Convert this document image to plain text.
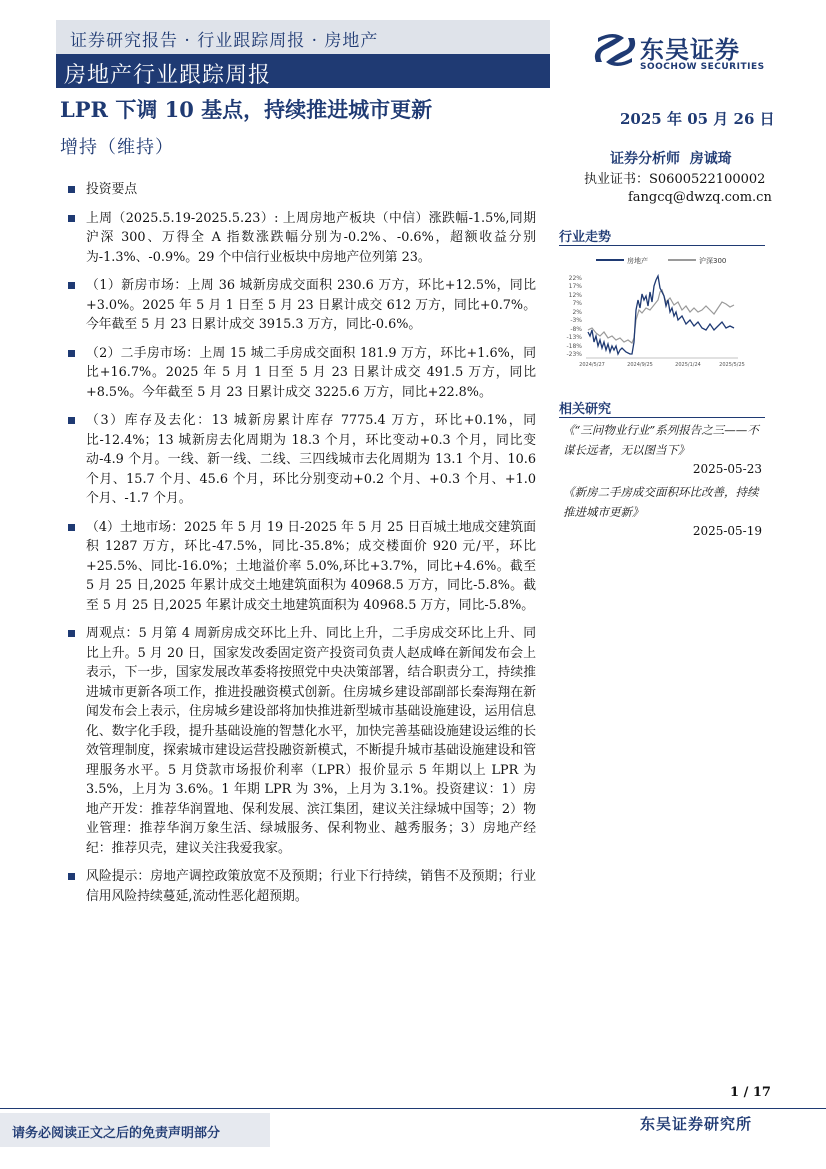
证券研究报告 · 行业跟踪周报 · 房地产
房地产行业跟踪周报
东吴证券
SOOCHOW SECURITIES
LPR 下调 10 基点，持续推进城市更新	2025 年 05 月 26 日
增持（维持）
证券分析师 房诚琦
执业证书：S0600522100002
fangcq@dwzq.com.cn
投资要点
上周（2025.5.19-2025.5.23）: 上周房地产板块（中信）涨跌幅-1.5%,同期沪深 300、万得全 A 指数涨跌幅分别为-0.2%、-0.6%，超额收益分别为-1.3%、-0.9%。29 个中信行业板块中房地产位列第 23。
（1）新房市场：上周 36 城新房成交面积 230.6 万方，环比+12.5%，同比+3.0%。2025 年 5 月 1 日至 5 月 23 日累计成交 612 万方，同比+0.7%。今年截至 5 月 23 日累计成交 3915.3 万方，同比-0.6%。
（2）二手房市场：上周 15 城二手房成交面积 181.9 万方，环比+1.6%，同比+16.7%。2025 年 5 月 1 日至 5 月 23 日累计成交 491.5 万方，同比+8.5%。今年截至 5 月 23 日累计成交 3225.6 万方，同比+22.8%。
（3）库存及去化：13 城新房累计库存 7775.4 万方，环比+0.1%，同比-12.4%；13 城新房去化周期为 18.3 个月，环比变动+0.3 个月，同比变动-4.9 个月。一线、新一线、二线、三四线城市去化周期为 13.1 个月、10.6 个月、15.7 个月、45.6 个月，环比分别变动+0.2 个月、+0.3 个月、+1.0 个月、-1.7 个月。
（4）土地市场：2025 年 5 月 19 日-2025 年 5 月 25 日百城土地成交建筑面积 1287 万方，环比-47.5%，同比-35.8%；成交楼面价 920 元/平，环比+25.5%、同比-16.0%；土地溢价率 5.0%,环比+3.7%，同比+4.6%。截至 5 月 25 日,2025 年累计成交土地建筑面积为 40968.5 万方，同比-5.8%。截至 5 月 25 日,2025 年累计成交土地建筑面积为 40968.5 万方，同比-5.8%。
周观点：5 月第 4 周新房成交环比上升、同比上升，二手房成交环比上升、同比上升。5 月 20 日，国家发改委固定资产投资司负责人赵成峰在新闻发布会上表示，下一步，国家发展改革委将按照党中央决策部署，结合职责分工，持续推进城市更新各项工作，推进投融资模式创新。住房城乡建设部副部长秦海翔在新闻发布会上表示，住房城乡建设部将加快推进新型城市基础设施建设，运用信息化、数字化手段，提升基础设施的智慧化水平，加快完善基础设施建设运维的长效管理制度，探索城市建设运营投融资新模式，不断提升城市基础设施建设和管理服务水平。5 月贷款市场报价利率（LPR）报价显示 5 年期以上 LPR 为 3.5%，上月为 3.6%。1 年期 LPR 为 3%，上月为 3.1%。投资建议：1）房地产开发：推荐华润置地、保利发展、滨江集团，建议关注绿城中国等；2）物业管理：推荐华润万象生活、绿城服务、保利物业、越秀服务；3）房地产经纪：推荐贝壳，建议关注我爱我家。
风险提示：房地产调控政策放宽不及预期；行业下行持续，销售不及预期；行业信用风险持续蔓延,流动性恶化超预期。
行业走势
房地产	沪深300
22%
17%
12%
7%
2%
-3%
-8%
-13%
-18%
-23%
2024/5/27	2024/9/25	2025/1/24	2025/5/25
相关研究
《“三问物业行业”系列报告之三——不谋长远者，无以图当下》
2025-05-23
《新房二手房成交面积环比改善，持续推进城市更新》
2025-05-19
1 / 17
请务必阅读正文之后的免责声明部分
东吴证券研究所
